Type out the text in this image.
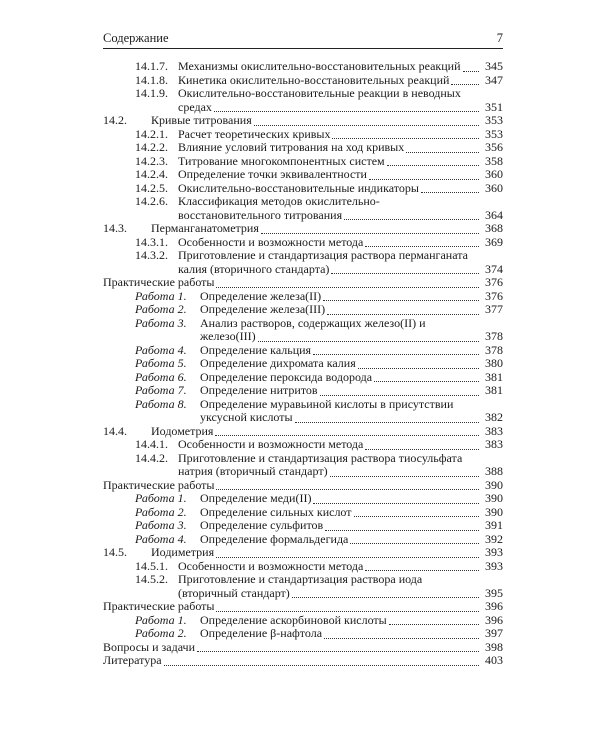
Содержание	7
14.1.7. Механизмы окислительно-восстановительных реакций	345
14.1.8. Кинетика окислительно-восстановительных реакций	347
14.1.9. Окислительно-восстановительные реакции в неводных средах	351
14.2.	Кривые титрования	353
14.2.1. Расчет теоретических кривых	353
14.2.2. Влияние условий титрования на ход кривых	356
14.2.3. Титрование многокомпонентных систем	358
14.2.4. Определение точки эквивалентности	360
14.2.5. Окислительно-восстановительные индикаторы	360
14.2.6. Классификация методов окислительно-восстановительного титрования	364
14.3.	Перманганатометрия	368
14.3.1. Особенности и возможности метода	369
14.3.2. Приготовление и стандартизация раствора перманганата калия (вторичного стандарта)	374
Практические работы	376
Работа 1.	Определение железа(II)	376
Работа 2.	Определение железа(III)	377
Работа 3.	Анализ растворов, содержащих железо(II) и железо(III)	378
Работа 4.	Определение кальция	378
Работа 5.	Определение дихромата калия	380
Работа 6.	Определение пероксида водорода	381
Работа 7.	Определение нитритов	381
Работа 8.	Определение муравьиной кислоты в присутствии уксусной кислоты	382
14.4.	Иодометрия	383
14.4.1. Особенности и возможности метода	383
14.4.2. Приготовление и стандартизация раствора тиосульфата натрия (вторичный стандарт)	388
Практические работы	390
Работа 1.	Определение меди(II)	390
Работа 2.	Определение сильных кислот	390
Работа 3.	Определение сульфитов	391
Работа 4.	Определение формальдегида	392
14.5.	Иодиметрия	393
14.5.1. Особенности и возможности метода	393
14.5.2. Приготовление и стандартизация раствора иода (вторичный стандарт)	395
Практические работы	396
Работа 1.	Определение аскорбиновой кислоты	396
Работа 2.	Определение β-нафтола	397
Вопросы и задачи	398
Литература	403
